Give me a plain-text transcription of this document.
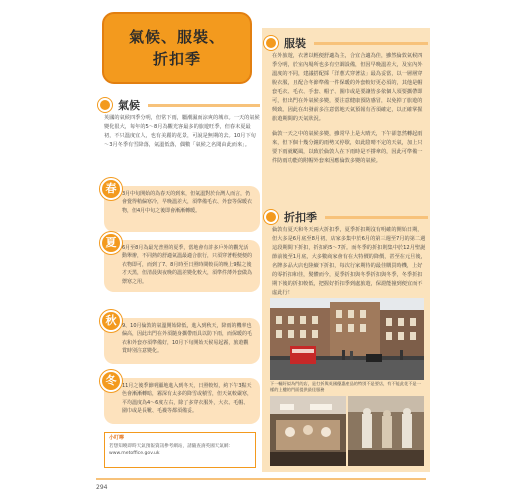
氣候、服裝、
折扣季
氣候
英國的氣候四季分明，但常下雨，屬潮濕而涼爽的城市。一天的氣候變化很大，每年的5～8月為觀光客最多的旅遊旺季，但春末夏最初，不只溫度宜人，也有美麗的花景，可說是無期的去。10月下旬～3月冬季有雪降落，氣溫低落，偶數「氣候之名聞由此而來」。
春	3月中旬開始的為春天的到來，但氣溫對於台灣人而言，仍會覺得稍偏寒冷，早晚溫差大，須準備毛衣、外套等保暖衣物，但4月中旬之後即會漸漸轉暖。
夏	6月至8月為最光普照的夏季，當地會有許多戶外的觀光活動舉辦，不同熱的舒適氣溫最適合旅行，只須穿著輕便便的衣物即可，而到了7、8月時至日照時間較長的晚上9點之後才天黑，但清晨與夜晚的溫差變化較大，須準件薄外套做為禦寒之用。
秋	9、10月倫敦的氣溫開始降低，進入到秋天，降雨的機率也偏高，因此出門在外須隨身攜帶雨具以防下雨，而保暖的毛衣和外套亦須準備好，10月下旬開始天候易起霧，旅遊觀賞時別注意變化。
冬	11月之後季節明顯地進入到冬天，日照較短，約下午3點天色會漸漸轉暗，霧深有太多的降雪或積雪，但天氣較嚴寒，平均溫度為4～6度左右，除了多穿衣服外，大衣、毛帽、圍巾或是長靴、毛襪等都須備妥。
小叮嚀
若想知曉即時天氣預報資訊參考網站，請隨查詢英國天氣網：www.metoffice.gov.uk
294
服裝
在外旅遊，衣著以輕便舒適為主，合宜合適為佳，雖然倫敦氣候四季分明，於室內場所也多有空調設備，但因早晚溫差大，及室內外溫度的不同，建議搭配採「洋蔥式穿著法」最為妥當，以一層層穿脫衣服，且配合冬節準備一件保暖的外套較好更必須的，其他是帽套毛衣、毛衣、手套、帽子、圍巾或是要讓皆多依個人須要攜帶即可，但出門在外氣候多變，要注意健康預防感冒，以免掉了旅遊的興致。因此在出發前多注意當地天氣預報有否須確定，以正確掌握旅遊期間的天氣狀況。
倫敦一天之中的氣候多變，雖常早上是大晴天，下午卻忽然轉起雨來，但下個十幾分鐘的雨勢又停歇，如此陰晴不定的天氣，加上只要下雨就颳風，以致於倫敦人在下雨時是不撐傘的，因此可準備一件防雨功能的附帽外套來因應倫敦多變的氣候。
折扣季
倫敦有夏天和冬天兩大折扣季，夏季折扣期沒有明確的開始日期，但大多是6月底至8月初，店家多集中於6月的第三週至7月的第二週這段期間下折扣，折扣約5～7折。而冬季的折扣則集中於12月聖誕節前後至1月底，大多數商家會有在大特價的降價，甚至在元旦後，名牌多品大店也陸續下折扣，每次行家期待的最佳購買時機，上好的零折扣和佳，髮體而今，夏季折扣與冬季折扣與冬季，冬季折扣期下後的折扣較低，把握好折扣季到處旅遊，保證能撞到便宜而不虛此行！
下一輛好似為門的店，是打折與英國優惠產品的特別不是要店，有不能此花不是一樣的上樓的門面提供最佳服務
